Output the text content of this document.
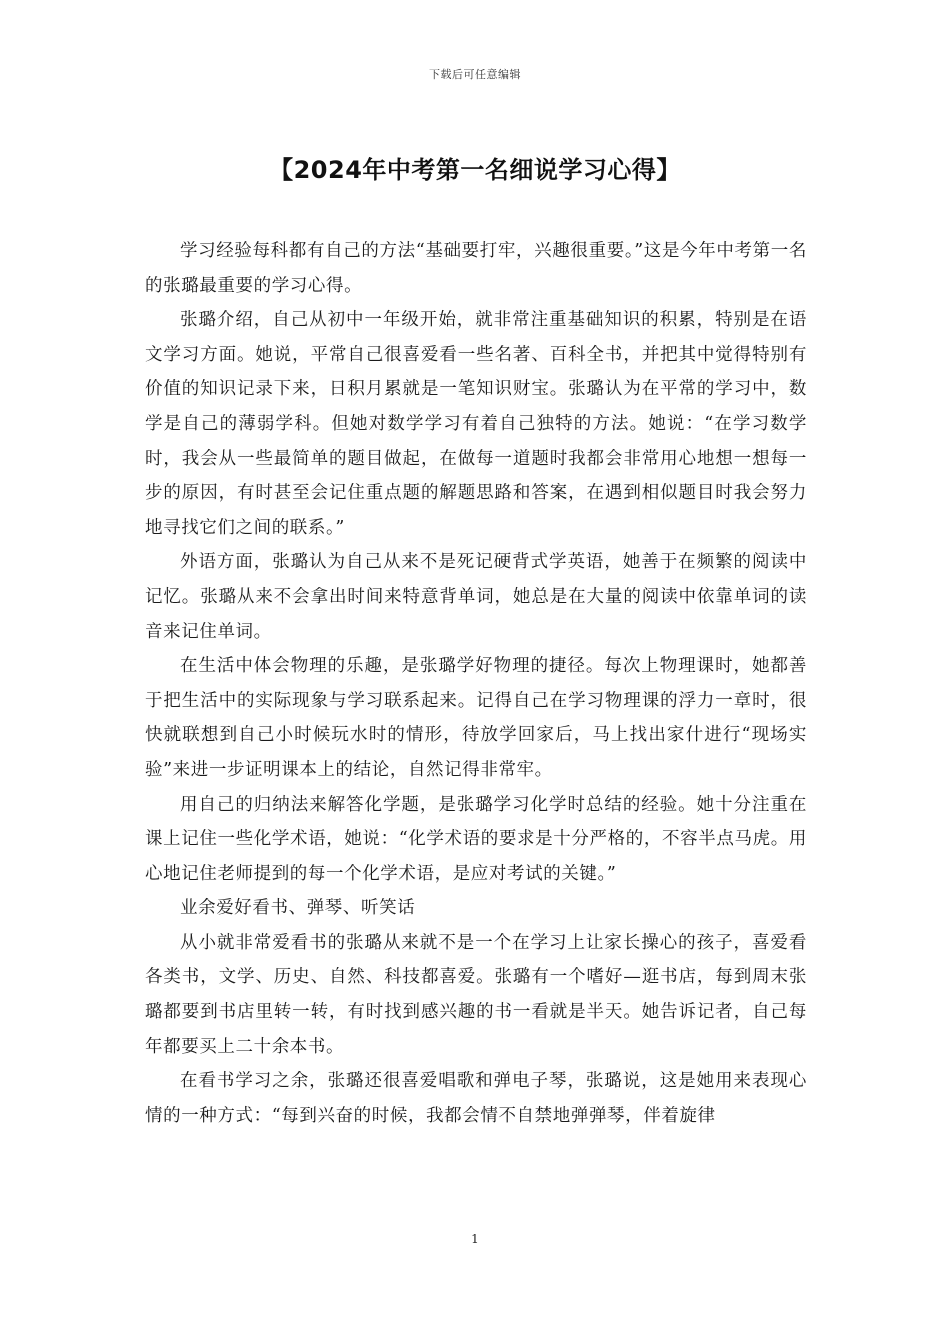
下载后可任意编辑
【2024年中考第一名细说学习心得】

学习经验每科都有自己的方法“基础要打牢，兴趣很重要。”这是今年中考第一名的张璐最重要的学习心得。

张璐介绍，自己从初中一年级开始，就非常注重基础知识的积累，特别是在语文学习方面。她说，平常自己很喜爱看一些名著、百科全书，并把其中觉得特别有价值的知识记录下来，日积月累就是一笔知识财宝。张璐认为在平常的学习中，数学是自己的薄弱学科。但她对数学学习有着自己独特的方法。她说：“在学习数学时，我会从一些最简单的题目做起，在做每一道题时我都会非常用心地想一想每一步的原因，有时甚至会记住重点题的解题思路和答案，在遇到相似题目时我会努力地寻找它们之间的联系。”

外语方面，张璐认为自己从来不是死记硬背式学英语，她善于在频繁的阅读中记忆。张璐从来不会拿出时间来特意背单词，她总是在大量的阅读中依靠单词的读音来记住单词。

在生活中体会物理的乐趣，是张璐学好物理的捷径。每次上物理课时，她都善于把生活中的实际现象与学习联系起来。记得自己在学习物理课的浮力一章时，很快就联想到自己小时候玩水时的情形，待放学回家后，马上找出家什进行“现场实验”来进一步证明课本上的结论，自然记得非常牢。

用自己的归纳法来解答化学题，是张璐学习化学时总结的经验。她十分注重在课上记住一些化学术语，她说：“化学术语的要求是十分严格的，不容半点马虎。用心地记住老师提到的每一个化学术语，是应对考试的关键。”

业余爱好看书、弹琴、听笑话

从小就非常爱看书的张璐从来就不是一个在学习上让家长操心的孩子，喜爱看各类书，文学、历史、自然、科技都喜爱。张璐有一个嗜好—逛书店，每到周末张璐都要到书店里转一转，有时找到感兴趣的书一看就是半天。她告诉记者，自己每年都要买上二十余本书。

在看书学习之余，张璐还很喜爱唱歌和弹电子琴，张璐说，这是她用来表现心情的一种方式：“每到兴奋的时候，我都会情不自禁地弹弹琴，伴着旋律

1
